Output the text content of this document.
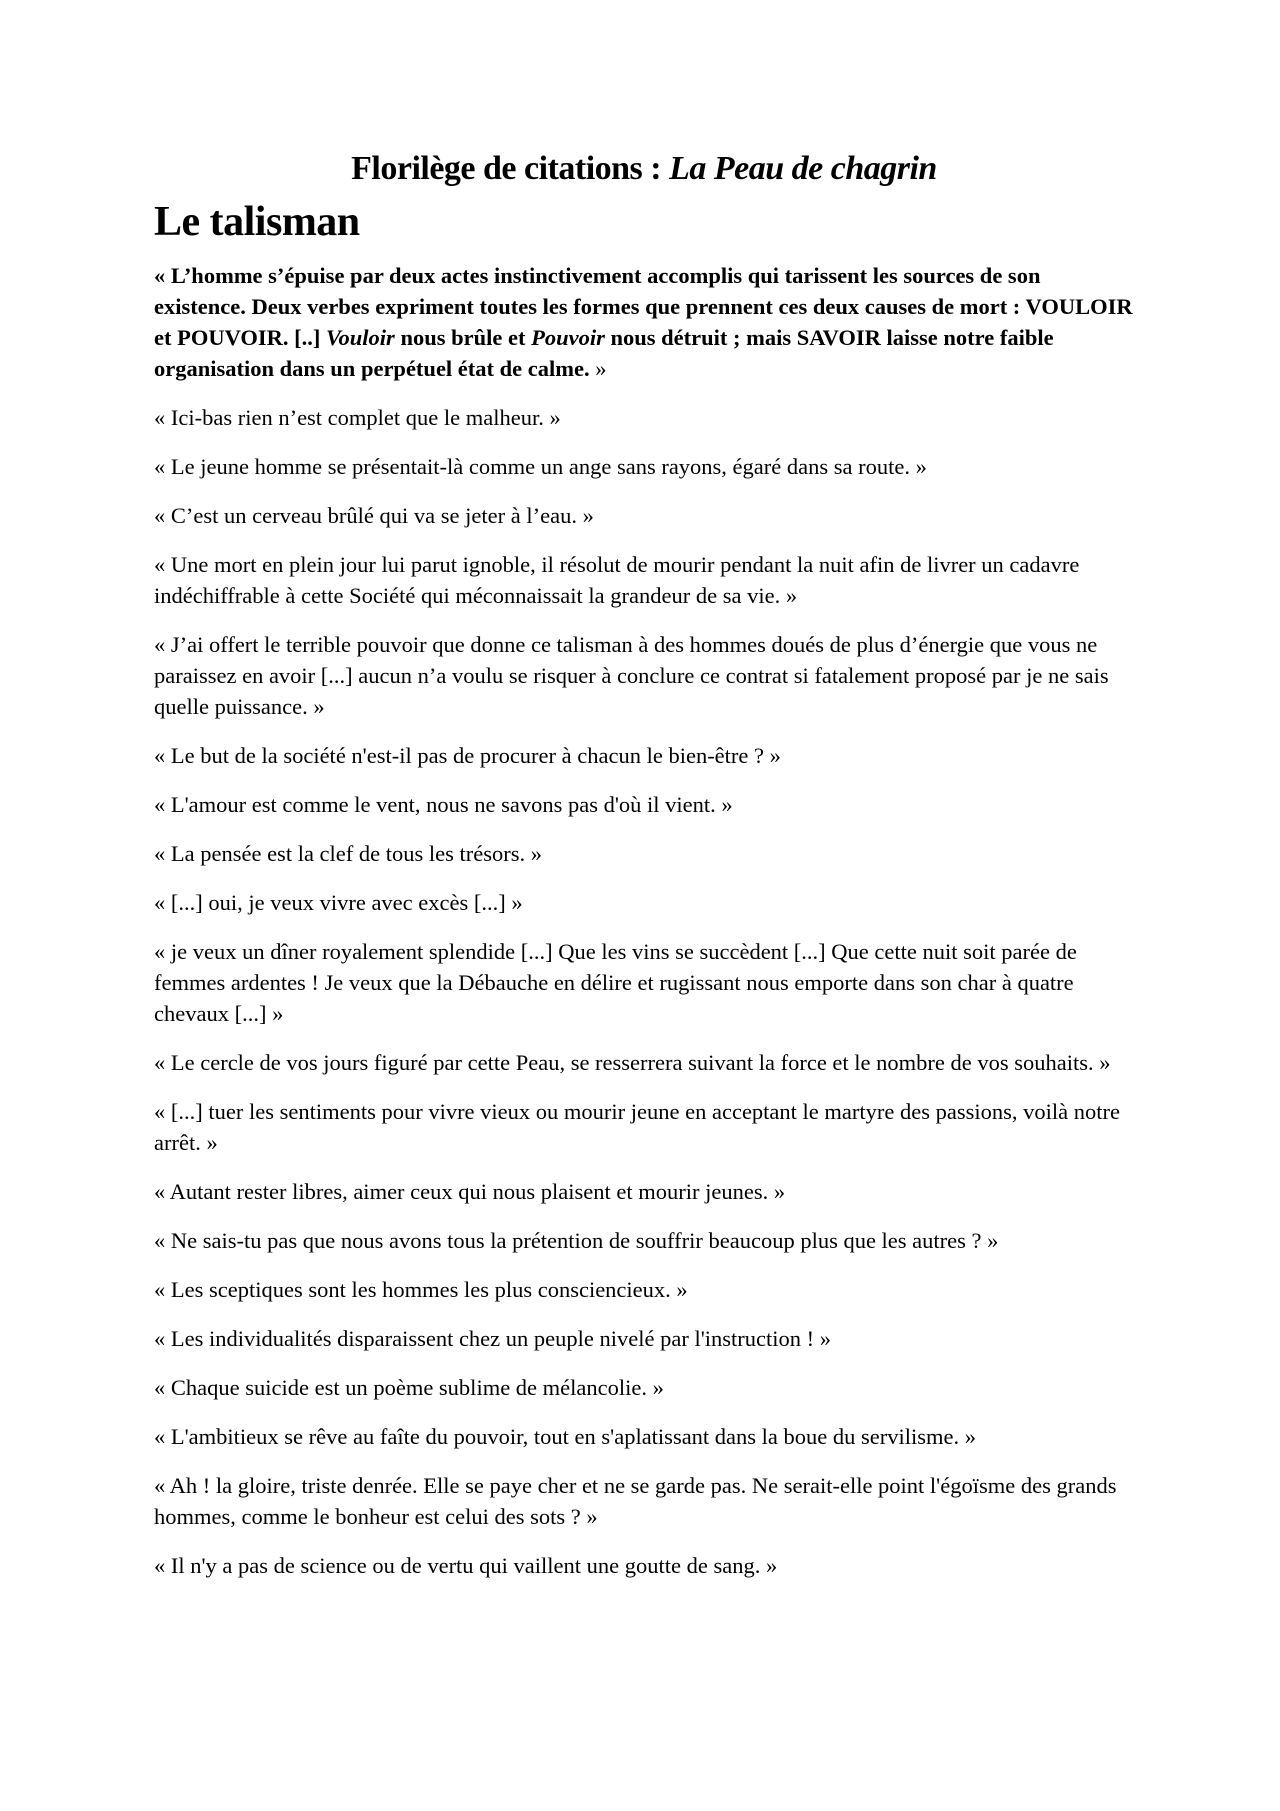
Florilège de citations : La Peau de chagrin
Le talisman

« L’homme s’épuise par deux actes instinctivement accomplis qui tarissent les sources de son existence. Deux verbes expriment toutes les formes que prennent ces deux causes de mort : VOULOIR et POUVOIR. [..] Vouloir nous brûle et Pouvoir nous détruit ; mais SAVOIR laisse notre faible organisation dans un perpétuel état de calme. »

« Ici-bas rien n’est complet que le malheur. »

« Le jeune homme se présentait-là comme un ange sans rayons, égaré dans sa route. »

« C’est un cerveau brûlé qui va se jeter à l’eau. »

« Une mort en plein jour lui parut ignoble, il résolut de mourir pendant la nuit afin de livrer un cadavre indéchiffrable à cette Société qui méconnaissait la grandeur de sa vie. »

« J’ai offert le terrible pouvoir que donne ce talisman à des hommes doués de plus d’énergie que vous ne paraissez en avoir [...] aucun n’a voulu se risquer à conclure ce contrat si fatalement proposé par je ne sais quelle puissance. »

« Le but de la société n'est-il pas de procurer à chacun le bien-être ? »

« L'amour est comme le vent, nous ne savons pas d'où il vient. »

« La pensée est la clef de tous les trésors. »

« [...] oui, je veux vivre avec excès [...] »

« je veux un dîner royalement splendide [...] Que les vins se succèdent [...] Que cette nuit soit parée de femmes ardentes ! Je veux que la Débauche en délire et rugissant nous emporte dans son char à quatre chevaux [...] »

« Le cercle de vos jours figuré par cette Peau, se resserrera suivant la force et le nombre de vos souhaits. »

« [...] tuer les sentiments pour vivre vieux ou mourir jeune en acceptant le martyre des passions, voilà notre arrêt. »

« Autant rester libres, aimer ceux qui nous plaisent et mourir jeunes. »

« Ne sais-tu pas que nous avons tous la prétention de souffrir beaucoup plus que les autres ? »

« Les sceptiques sont les hommes les plus consciencieux. »

« Les individualités disparaissent chez un peuple nivelé par l'instruction ! »

« Chaque suicide est un poème sublime de mélancolie. »

« L'ambitieux se rêve au faîte du pouvoir, tout en s'aplatissant dans la boue du servilisme. »

« Ah ! la gloire, triste denrée. Elle se paye cher et ne se garde pas. Ne serait-elle point l'égoïsme des grands hommes, comme le bonheur est celui des sots ? »

« Il n'y a pas de science ou de vertu qui vaillent une goutte de sang. »
